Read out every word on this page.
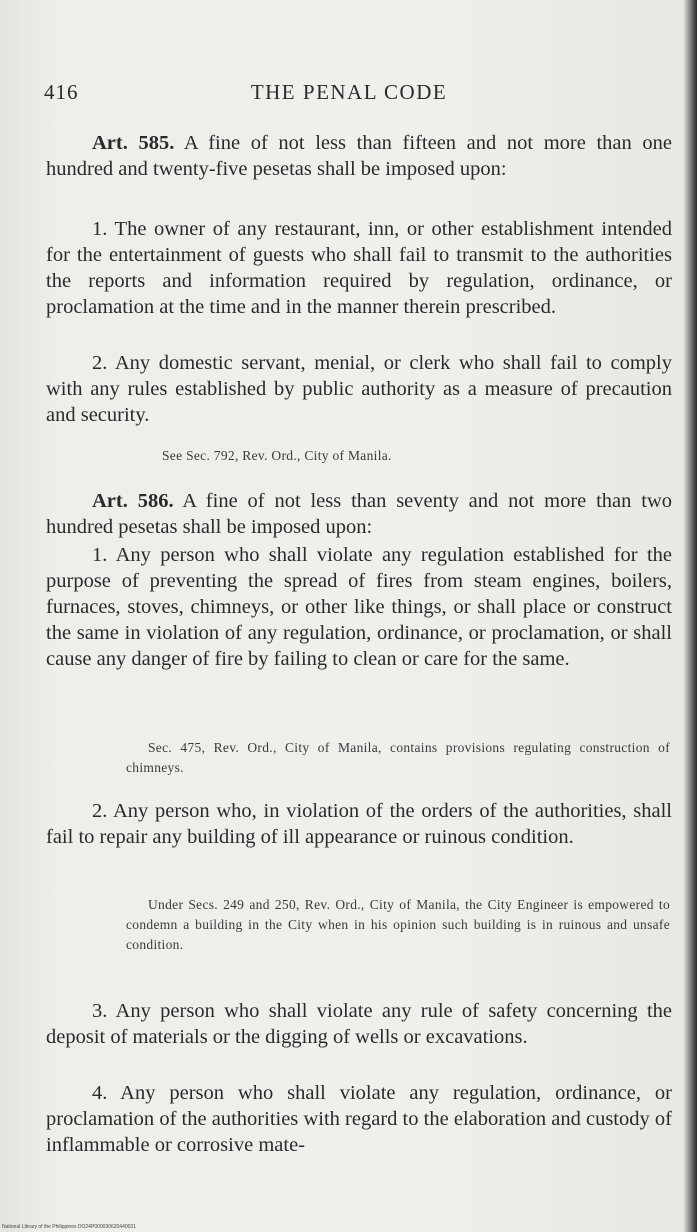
416	THE PENAL CODE
Art. 585. A fine of not less than fifteen and not more than one hundred and twenty-five pesetas shall be imposed upon:
1. The owner of any restaurant, inn, or other establishment intended for the entertainment of guests who shall fail to transmit to the authorities the reports and information required by regulation, ordinance, or proclamation at the time and in the manner therein prescribed.
2. Any domestic servant, menial, or clerk who shall fail to comply with any rules established by public authority as a measure of precaution and security.
See Sec. 792, Rev. Ord., City of Manila.
Art. 586. A fine of not less than seventy and not more than two hundred pesetas shall be imposed upon:
1. Any person who shall violate any regulation established for the purpose of preventing the spread of fires from steam engines, boilers, furnaces, stoves, chimneys, or other like things, or shall place or construct the same in violation of any regulation, ordinance, or proclamation, or shall cause any danger of fire by failing to clean or care for the same.
Sec. 475, Rev. Ord., City of Manila, contains provisions regulating construction of chimneys.
2. Any person who, in violation of the orders of the authorities, shall fail to repair any building of ill appearance or ruinous condition.
Under Secs. 249 and 250, Rev. Ord., City of Manila, the City Engineer is empowered to condemn a building in the City when in his opinion such building is in ruinous and unsafe condition.
3. Any person who shall violate any rule of safety concerning the deposit of materials or the digging of wells or excavations.
4. Any person who shall violate any regulation, ordinance, or proclamation of the authorities with regard to the elaboration and custody of inflammable or corrosive mate-
National Library of the Philippines DO24P000030620440031
